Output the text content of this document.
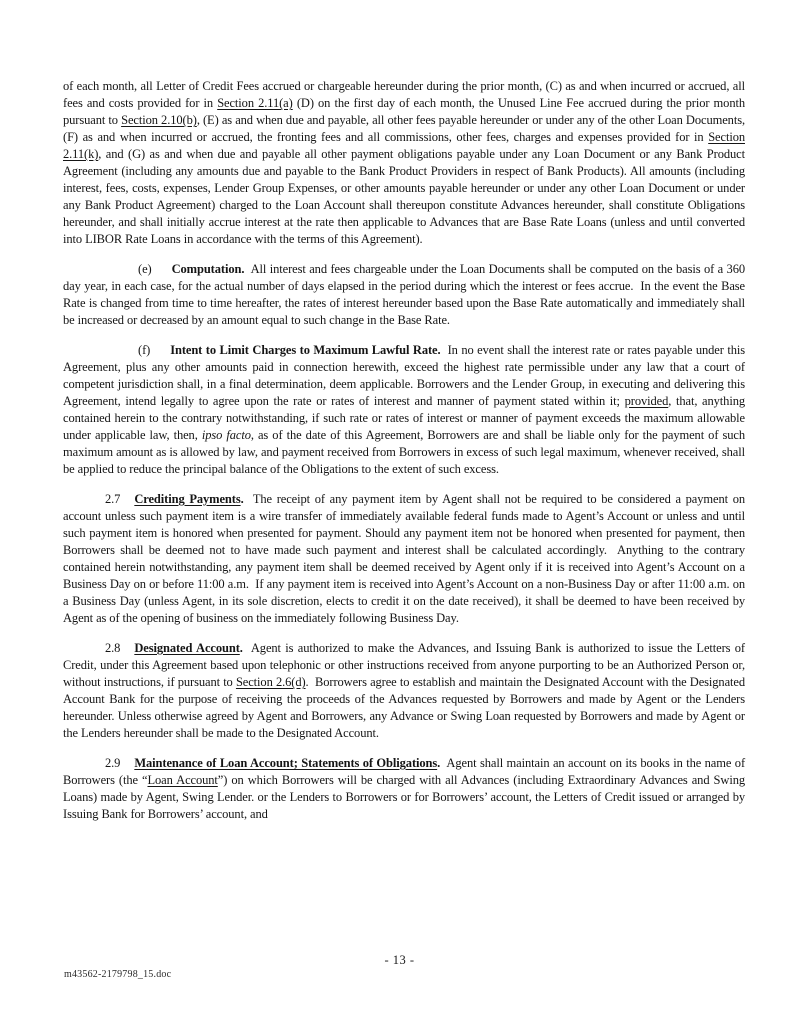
of each month, all Letter of Credit Fees accrued or chargeable hereunder during the prior month, (C) as and when incurred or accrued, all fees and costs provided for in Section 2.11(a) (D) on the first day of each month, the Unused Line Fee accrued during the prior month pursuant to Section 2.10(b), (E) as and when due and payable, all other fees payable hereunder or under any of the other Loan Documents, (F) as and when incurred or accrued, the fronting fees and all commissions, other fees, charges and expenses provided for in Section 2.11(k), and (G) as and when due and payable all other payment obligations payable under any Loan Document or any Bank Product Agreement (including any amounts due and payable to the Bank Product Providers in respect of Bank Products). All amounts (including interest, fees, costs, expenses, Lender Group Expenses, or other amounts payable hereunder or under any other Loan Document or under any Bank Product Agreement) charged to the Loan Account shall thereupon constitute Advances hereunder, shall constitute Obligations hereunder, and shall initially accrue interest at the rate then applicable to Advances that are Base Rate Loans (unless and until converted into LIBOR Rate Loans in accordance with the terms of this Agreement).

(e) Computation.  All interest and fees chargeable under the Loan Documents shall be computed on the basis of a 360 day year, in each case, for the actual number of days elapsed in the period during which the interest or fees accrue.  In the event the Base Rate is changed from time to time hereafter, the rates of interest hereunder based upon the Base Rate automatically and immediately shall be increased or decreased by an amount equal to such change in the Base Rate.

(f) Intent to Limit Charges to Maximum Lawful Rate.  In no event shall the interest rate or rates payable under this Agreement, plus any other amounts paid in connection herewith, exceed the highest rate permissible under any law that a court of competent jurisdiction shall, in a final determination, deem applicable. Borrowers and the Lender Group, in executing and delivering this Agreement, intend legally to agree upon the rate or rates of interest and manner of payment stated within it; provided, that, anything contained herein to the contrary notwithstanding, if such rate or rates of interest or manner of payment exceeds the maximum allowable under applicable law, then, ipso facto, as of the date of this Agreement, Borrowers are and shall be liable only for the payment of such maximum amount as is allowed by law, and payment received from Borrowers in excess of such legal maximum, whenever received, shall be applied to reduce the principal balance of the Obligations to the extent of such excess.

2.7 Crediting Payments.  The receipt of any payment item by Agent shall not be required to be considered a payment on account unless such payment item is a wire transfer of immediately available federal funds made to Agent’s Account or unless and until such payment item is honored when presented for payment. Should any payment item not be honored when presented for payment, then Borrowers shall be deemed not to have made such payment and interest shall be calculated accordingly.  Anything to the contrary contained herein notwithstanding, any payment item shall be deemed received by Agent only if it is received into Agent’s Account on a Business Day on or before 11:00 a.m.  If any payment item is received into Agent’s Account on a non-Business Day or after 11:00 a.m. on a Business Day (unless Agent, in its sole discretion, elects to credit it on the date received), it shall be deemed to have been received by Agent as of the opening of business on the immediately following Business Day.

2.8 Designated Account.  Agent is authorized to make the Advances, and Issuing Bank is authorized to issue the Letters of Credit, under this Agreement based upon telephonic or other instructions received from anyone purporting to be an Authorized Person or, without instructions, if pursuant to Section 2.6(d).  Borrowers agree to establish and maintain the Designated Account with the Designated Account Bank for the purpose of receiving the proceeds of the Advances requested by Borrowers and made by Agent or the Lenders hereunder. Unless otherwise agreed by Agent and Borrowers, any Advance or Swing Loan requested by Borrowers and made by Agent or the Lenders hereunder shall be made to the Designated Account.

2.9 Maintenance of Loan Account; Statements of Obligations.  Agent shall maintain an account on its books in the name of Borrowers (the “Loan Account”) on which Borrowers will be charged with all Advances (including Extraordinary Advances and Swing Loans) made by Agent, Swing Lender. or the Lenders to Borrowers or for Borrowers’ account, the Letters of Credit issued or arranged by Issuing Bank for Borrowers’ account, and

- 13 -
m43562-2179798_15.doc
